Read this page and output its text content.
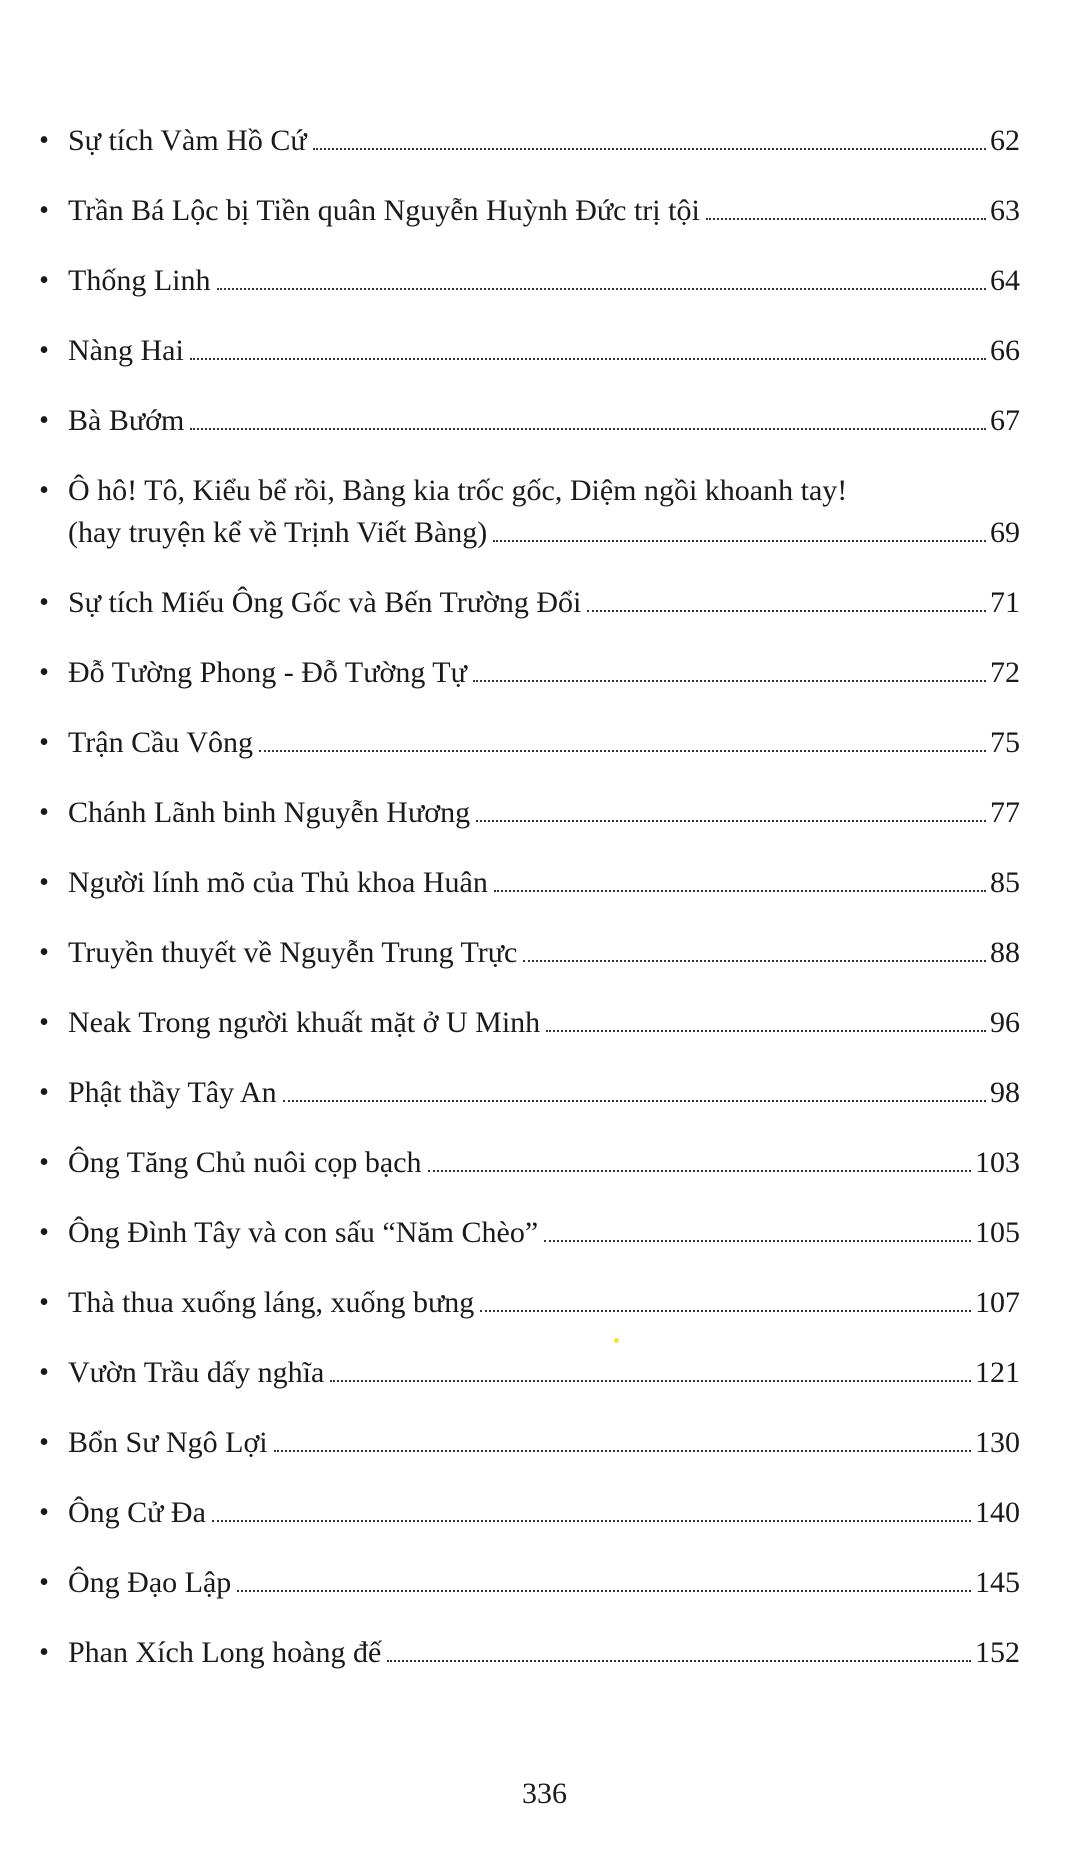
• Sự tích Vàm Hồ Cứ	62
• Trần Bá Lộc bị Tiền quân Nguyễn Huỳnh Đức trị tội	63
• Thống Linh	64
• Nàng Hai	66
• Bà Bướm	67
• Ô hô! Tô, Kiểu bể rồi, Bàng kia trốc gốc, Diệm ngồi khoanh tay!
(hay truyện kể về Trịnh Viết Bàng)	69
• Sự tích Miếu Ông Gốc và Bến Trường Đổi	71
• Đỗ Tường Phong - Đỗ Tường Tự	72
• Trận Cầu Vông	75
• Chánh Lãnh binh Nguyễn Hương	77
• Người lính mõ của Thủ khoa Huân	85
• Truyền thuyết về Nguyễn Trung Trực	88
• Neak Trong người khuất mặt ở U Minh	96
• Phật thầy Tây An	98
• Ông Tăng Chủ nuôi cọp bạch	103
• Ông Đình Tây và con sấu “Năm Chèo”	105
• Thà thua xuống láng, xuống bưng	107
• Vườn Trầu dấy nghĩa	121
• Bổn Sư Ngô Lợi	130
• Ông Cử Đa	140
• Ông Đạo Lập	145
• Phan Xích Long hoàng đế	152
336
